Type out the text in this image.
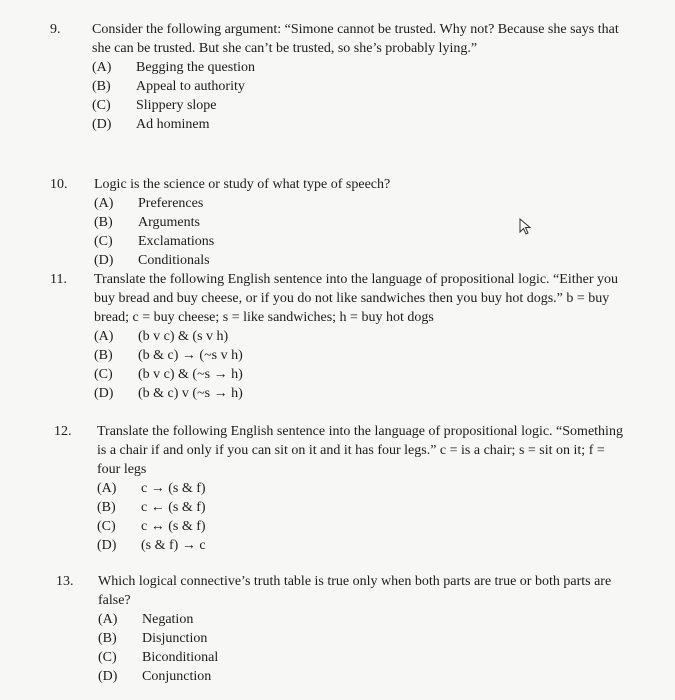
9.	Consider the following argument: “Simone cannot be trusted. Why not? Because she says that she can be trusted. But she can’t be trusted, so she’s probably lying.”
(A)	Begging the question
(B)	Appeal to authority
(C)	Slippery slope
(D)	Ad hominem
10.	Logic is the science or study of what type of speech?
(A)	Preferences
(B)	Arguments
(C)	Exclamations
(D)	Conditionals
11.	Translate the following English sentence into the language of propositional logic. “Either you buy bread and buy cheese, or if you do not like sandwiches then you buy hot dogs.” b = buy bread; c = buy cheese; s = like sandwiches; h = buy hot dogs
(A)	(b v c) & (s v h)
(B)	(b & c) → (~s v h)
(C)	(b v c) & (~s → h)
(D)	(b & c) v (~s → h)
12.	Translate the following English sentence into the language of propositional logic. “Something is a chair if and only if you can sit on it and it has four legs.” c = is a chair; s = sit on it; f = four legs
(A)	c → (s & f)
(B)	c ← (s & f)
(C)	c ↔ (s & f)
(D)	(s & f) → c
13.	Which logical connective’s truth table is true only when both parts are true or both parts are false?
(A)	Negation
(B)	Disjunction
(C)	Biconditional
(D)	Conjunction
